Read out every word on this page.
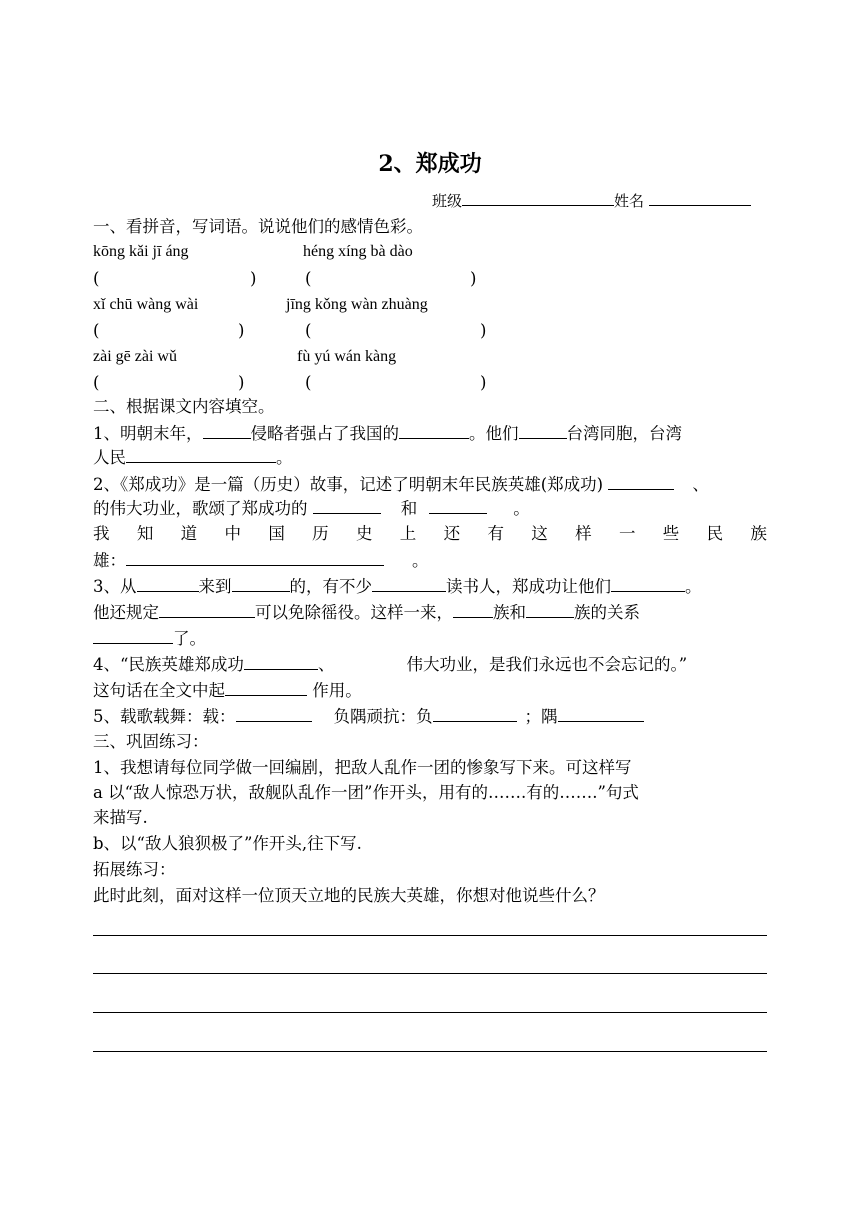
2、郑成功
班级	姓名
一、看拼音，写词语。说说他们的感情色彩。
kōng kǎi jī áng	héng xíng bà dào
(	)	(	)
xǐ chū wàng wài	jīng kǒng wàn zhuàng
(	)	(	)
zài gē zài wǔ	fù yú wán kàng
(	)	(	)
二、根据课文内容填空。
1、明朝末年，	侵略者强占了我国的	。他们	台湾同胞，台湾
人民	。
2、《郑成功》是一篇（历史）故事，记述了明朝末年民族英雄(郑成功)	、
的伟大功业，歌颂了郑成功的	和	。
我 知 道 中 国 历 史 上 还 有 这 样 一 些 民 族
雄：	。
3、从	来到	的，有不少	读书人，郑成功让他们	。
他还规定	可以免除徭役。这样一来， 族和	族的关系
了。
4、“民族英雄郑成功	、	伟大功业，是我们永远也不会忘记的。”
这句话在全文中起	作用。
5、载歌载舞：载：	负隅顽抗：负	；隅
三、巩固练习：
1、我想请每位同学做一回编剧，把敌人乱作一团的惨象写下来。可这样写
a 以“敌人惊恐万状，敌舰队乱作一团”作开头，用有的…….有的…….”句式
来描写.
b、以“敌人狼狈极了”作开头,往下写.
拓展练习：
此时此刻，面对这样一位顶天立地的民族大英雄，你想对他说些什么？
